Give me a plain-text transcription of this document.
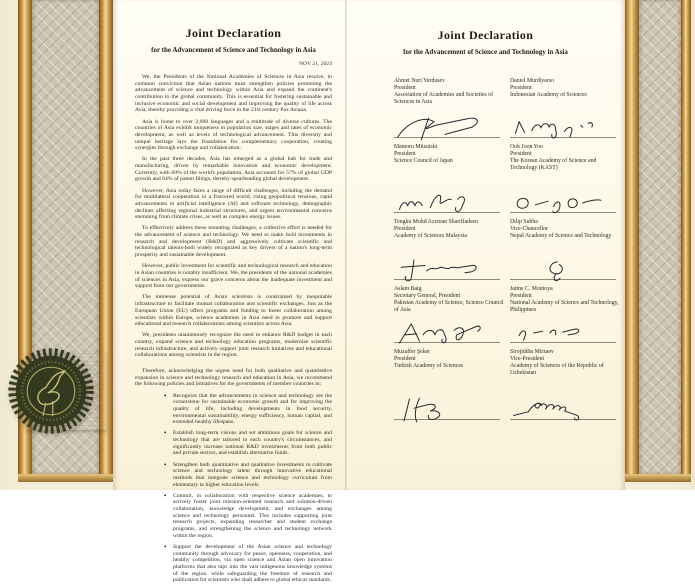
Joint Declaration
for the Advancement of Science and Technology in Asia
NOV 21, 2024

We, the Presidents of the National Academies of Sciences in Asia resolve, in common conviction that Asian nations must strengthen policies promoting the advancement of science and technology within Asia and expand the continent's contribution to the global community. This is essential for fostering sustainable and inclusive economic and social development and improving the quality of life across Asia, thereby providing a vital driving force in the 21st century Pax Asiana.

Asia is home to over 2,000 languages and a multitude of diverse cultures. The countries of Asia exhibit uniqueness in population size, stages and rates of economic development, as well as levels of technological advancement. This diversity and unique heritage lays the foundation for complementary cooperation, creating synergies through exchange and collaboration.

In the past three decades, Asia has emerged as a global hub for trade and manufacturing, driven by remarkable innovation and economic development. Currently, with 60% of the world's population, Asia accounts for 57% of global GDP growth and 64% of patent filings, thereby spearheading global development.

However, Asia today faces a range of difficult challenges, including the demand for multilateral cooperation in a fractured world, rising geopolitical tensions, rapid advancements in artificial intelligence (AI) and software technology, demographic declines affecting regional industrial structures, and urgent environmental concerns stemming from climate crises, as well as complex energy issues.

To effectively address these mounting challenges, a collective effort is needed for the advancement of science and technology. We need to make bold investments in research and development (R&D) and aggressively cultivate scientific and technological talents-both widely recognized as key drivers of a nation's long-term prosperity and sustainable development.

However, public investment for scientific and technological research and education in Asian countries is notably insufficient. We, the presidents of the national academies of sciences in Asia, express our grave concerns about the inadequate investment and support from our governments.

The immense potential of Asian scientists is constrained by inequitable infrastructure to facilitate mutual collaboration and scientific exchanges. Just as the European Union (EU) offers programs and funding to foster collaboration among scientists within Europe, science academies in Asia need to promote and support educational and research collaborations among scientists across Asia.

We, presidents unanimously recognize the need to enhance R&D budget in each country, expand science and technology education programs, modernize scientific research infrastructure, and actively support joint research initiatives and educational collaborations among scientists in the region.

Therefore, acknowledging the urgent need for both qualitative and quantitative expansion in science and technology research and education in Asia, we recommend the following policies and initiatives for the governments of member countries in:

• Recognize that the advancements in science and technology are the cornerstone for sustainable economic growth and for improving the quality of life, including developments in food security, environmental sustainability, energy sufficiency, human capital, and extended healthy lifespans.
• Establish long-term visions and set ambitious goals for science and technology that are tailored to each country's circumstances, and significantly increase national R&D investments from both public and private sectors, and establish alternative funds.
• Strengthen both quantitative and qualitative investments to cultivate science and technology talent through innovative educational methods that integrate science and technology curriculum from elementary to higher education levels.
• Commit, in collaboration with respective science academies, to actively foster joint mission-oriented research and solution-driven collaboration, knowledge development, and exchanges among science and technology personnel. This includes supporting joint research projects, expanding researcher and student exchange programs, and strengthening the science and technology network within the region.
• Support the development of the Asian science and technology community through advocacy for peace, openness, cooperation, and healthy competition, via open science and Asian open innovation platforms that also taps into the vast indigenous knowledge systems of the region. while safeguarding the freedom of research and publication for scientists who shall adhere to global ethical standards.
Joint Declaration
for the Advancement of Science and Technology in Asia
Ahmet Nuri Yurdusev
President
Association of Academies and Societies of Sciences in Asia
Daniel Murdiyarso
President
Indonesian Academy of Sciences
Mamoru Mitsuishi
President
Science Council of Japan
Ook Joon Yoo
President
The Korean Academy of Science and Technology (KAST)
Tengku Mohd Azzman Shariffadeen
President
Academy of Sciences Malaysia
Dilip Subba
Vice-Chancellor
Nepal Academy of Science and Technology
Aslam Baig
Secretary General, President
Pakistan Academy of Science, Science Council of Asia
Jaime C. Montoya
President
National Academy of Science and Technology, Philippines
Muzaffer Şeker
President
Turkish Academy of Sciences
Sirojiddin Mirzaev
Vice-President
Academy of Sciences of the Republic of Uzbekistan
